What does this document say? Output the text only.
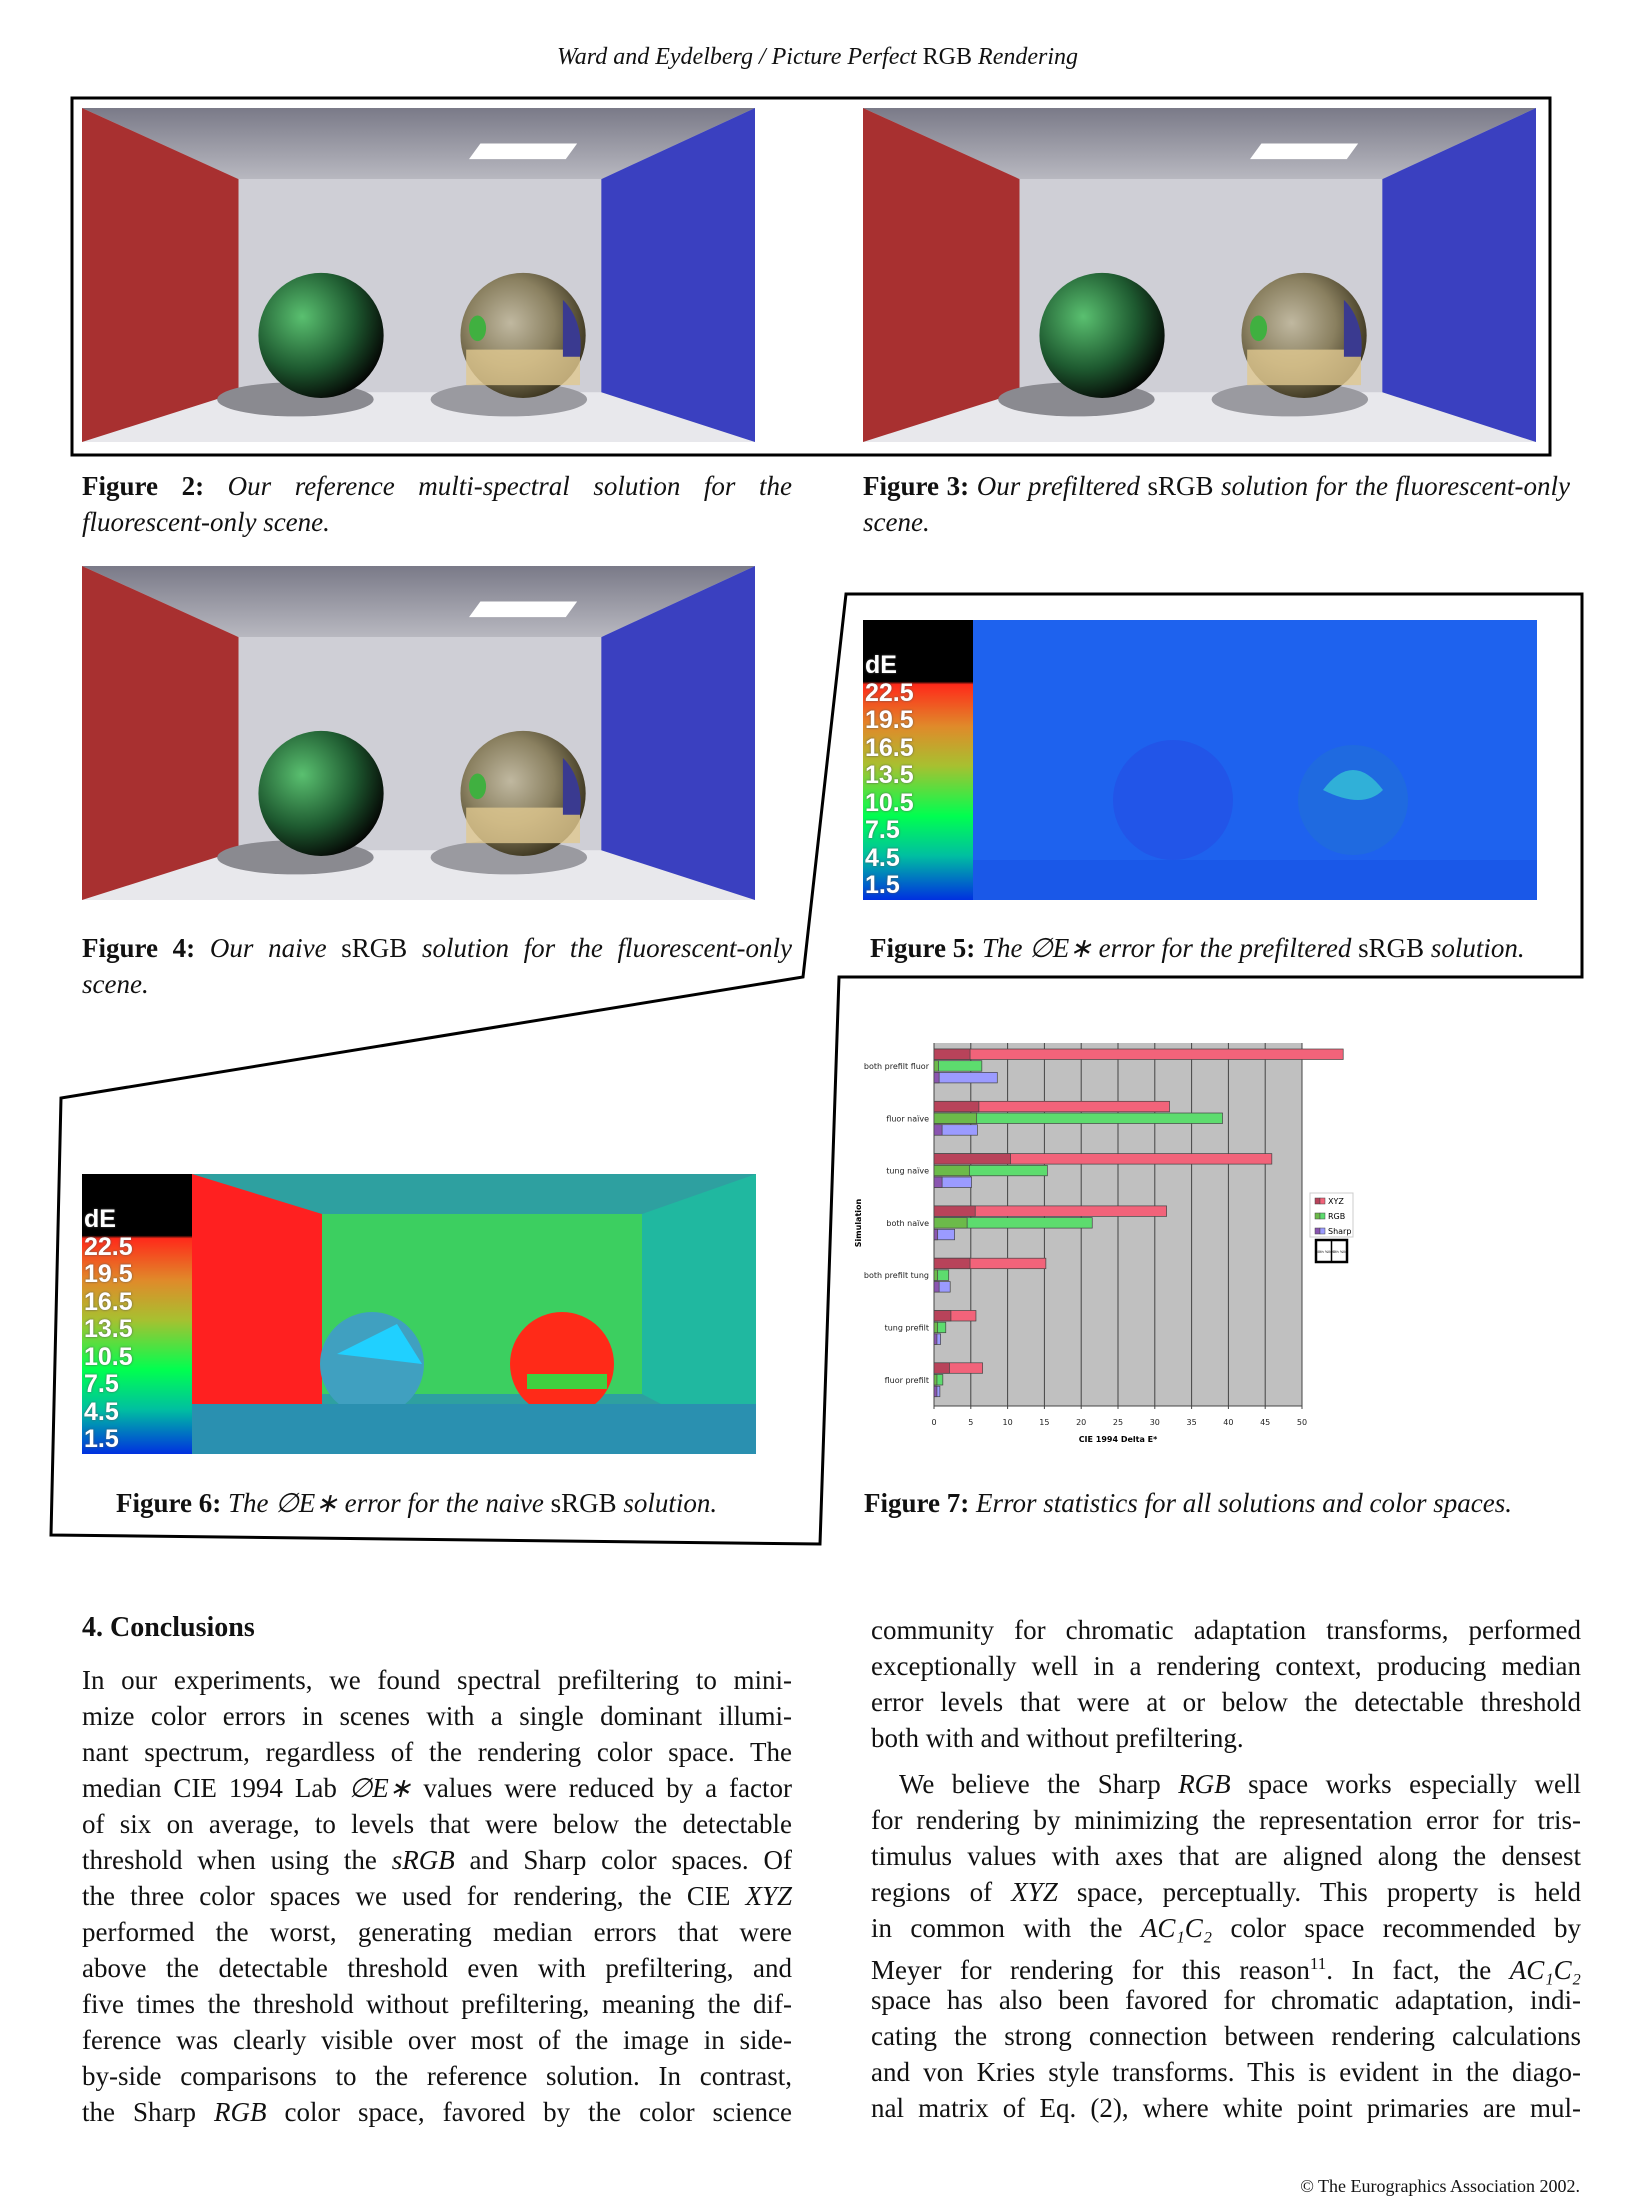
Ward and Eydelberg / Picture Perfect RGB Rendering
dE
22.5
19.5
16.5
13.5
10.5
7.5
4.5
1.5
dE
22.5
19.5
16.5
13.5
10.5
7.5
4.5
1.5
Figure 2: Our reference multi-spectral solution for the fluorescent-only scene.
Figure 3: Our prefiltered sRGB solution for the fluorescent-only scene.
Figure 4: Our naive sRGB solution for the fluorescent-only scene.
Figure 5: The ∅E∗ error for the prefiltered sRGB solution.
Figure 6: The ∅E∗ error for the naive sRGB solution.	Figure 7: Error statistics for all solutions and color spaces.
0	5	10	15	20	25	30	35	40	45	50
both prefilt fluor
fluor naïve
tung naïve
both naïve
both prefilt tung
tung prefilt
fluor prefilt
CIE 1994 Delta E*
Simulation	XYZ
RGB
Sharp
50th %ile
98th %ile
4. Conclusions
In our experiments, we found spectral prefiltering to mini-
mize color errors in scenes with a single dominant illumi-
nant spectrum, regardless of the rendering color space. The
median CIE 1994 Lab ∅E∗ values were reduced by a factor
of six on average, to levels that were below the detectable
threshold when using the sRGB and Sharp color spaces. Of
the three color spaces we used for rendering, the CIE XYZ
performed the worst, generating median errors that were
above the detectable threshold even with prefiltering, and
five times the threshold without prefiltering, meaning the dif-
ference was clearly visible over most of the image in side-
by-side comparisons to the reference solution. In contrast,
the Sharp RGB color space, favored by the color science
community for chromatic adaptation transforms, performed
exceptionally well in a rendering context, producing median
error levels that were at or below the detectable threshold
both with and without prefiltering.
We believe the Sharp RGB space works especially well
for rendering by minimizing the representation error for tris-
timulus values with axes that are aligned along the densest
regions of XYZ space, perceptually. This property is held
in common with the AC₁C₂ color space recommended by
Meyer for rendering for this reason$^{11}$. In fact, the AC₁C₂
space has also been favored for chromatic adaptation, indi-
cating the strong connection between rendering calculations
and von Kries style transforms. This is evident in the diago-
nal matrix of Eq. (2), where white point primaries are mul-
© The Eurographics Association 2002.
